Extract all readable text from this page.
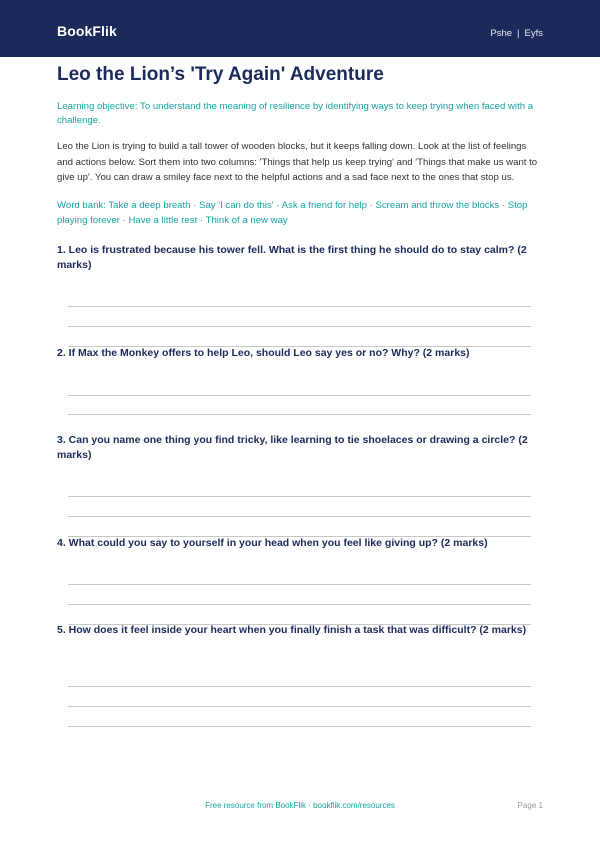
BookFlik	Pshe | Eyfs
Leo the Lion’s 'Try Again' Adventure
Learning objective: To understand the meaning of resilience by identifying ways to keep trying when faced with a challenge.
Leo the Lion is trying to build a tall tower of wooden blocks, but it keeps falling down. Look at the list of feelings and actions below. Sort them into two columns: 'Things that help us keep trying' and 'Things that make us want to give up'. You can draw a smiley face next to the helpful actions and a sad face next to the ones that stop us.
Word bank: Take a deep breath · Say 'I can do this' · Ask a friend for help · Scream and throw the blocks · Stop playing forever · Have a little rest · Think of a new way
1. Leo is frustrated because his tower fell. What is the first thing he should do to stay calm? (2 marks)
2. If Max the Monkey offers to help Leo, should Leo say yes or no? Why? (2 marks)
3. Can you name one thing you find tricky, like learning to tie shoelaces or drawing a circle? (2 marks)
4. What could you say to yourself in your head when you feel like giving up? (2 marks)
5. How does it feel inside your heart when you finally finish a task that was difficult? (2 marks)
Free resource from BookFlik · bookflik.com/resources	Page 1
